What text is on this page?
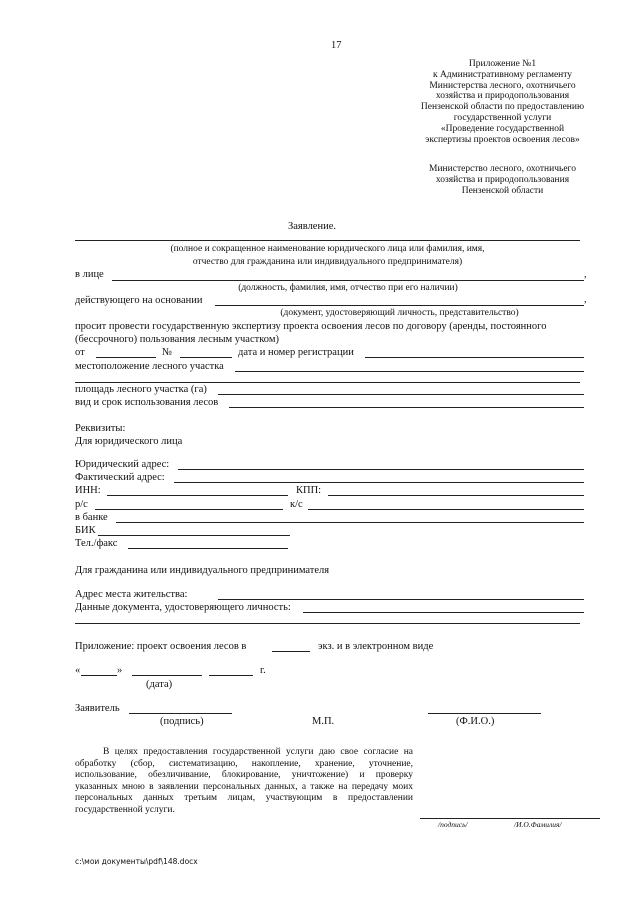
17
Приложение №1
к Административному регламенту
Министерства лесного, охотничьего
хозяйства и природопользования
Пензенской области по предоставлению
государственной услуги
«Проведение государственной
экспертизы проектов освоения лесов»
Министерство лесного, охотничьего
хозяйства и природопользования
Пензенской области
Заявление.
(полное и сокращенное наименование юридического лица или фамилия, имя,
отчество для гражданина или индивидуального предпринимателя)
в лице	,
(должность, фамилия, имя, отчество при его наличии)
действующего на основании	,
(документ, удостоверяющий личность, представительство)
просит провести государственную экспертизу проекта освоения лесов по договору (аренды, постоянного
(бессрочного) пользования лесным участком)
от	№	дата и номер регистрации
местоположение лесного участка
площадь лесного участка (га)
вид и срок использования лесов
Реквизиты:
Для юридического лица
Юридический адрес:
Фактический адрес:
ИНН:	КПП:
р/с	к/с
в банке
БИК
Тел./факс
Для гражданина или индивидуального предпринимателя
Адрес места жительства:
Данные документа, удостоверяющего личность:
Приложение: проект освоения лесов в	экз. и в электронном виде
«	»	г.
(дата)
Заявитель
(подпись)	М.П.	(Ф.И.О.)
В целях предоставления государственной услуги даю свое согласие на обработку (сбор, систематизацию, накопление, хранение, уточнение, использование, обезличивание, блокирование, уничтожение) и проверку указанных мною в заявлении персональных данных, а также на передачу моих персональных данных третьим лицам, участвующим в предоставлении государственной услуги.
/подпись/	/И.О.Фамилия/
c:\мои документы\pdf\148.docx
